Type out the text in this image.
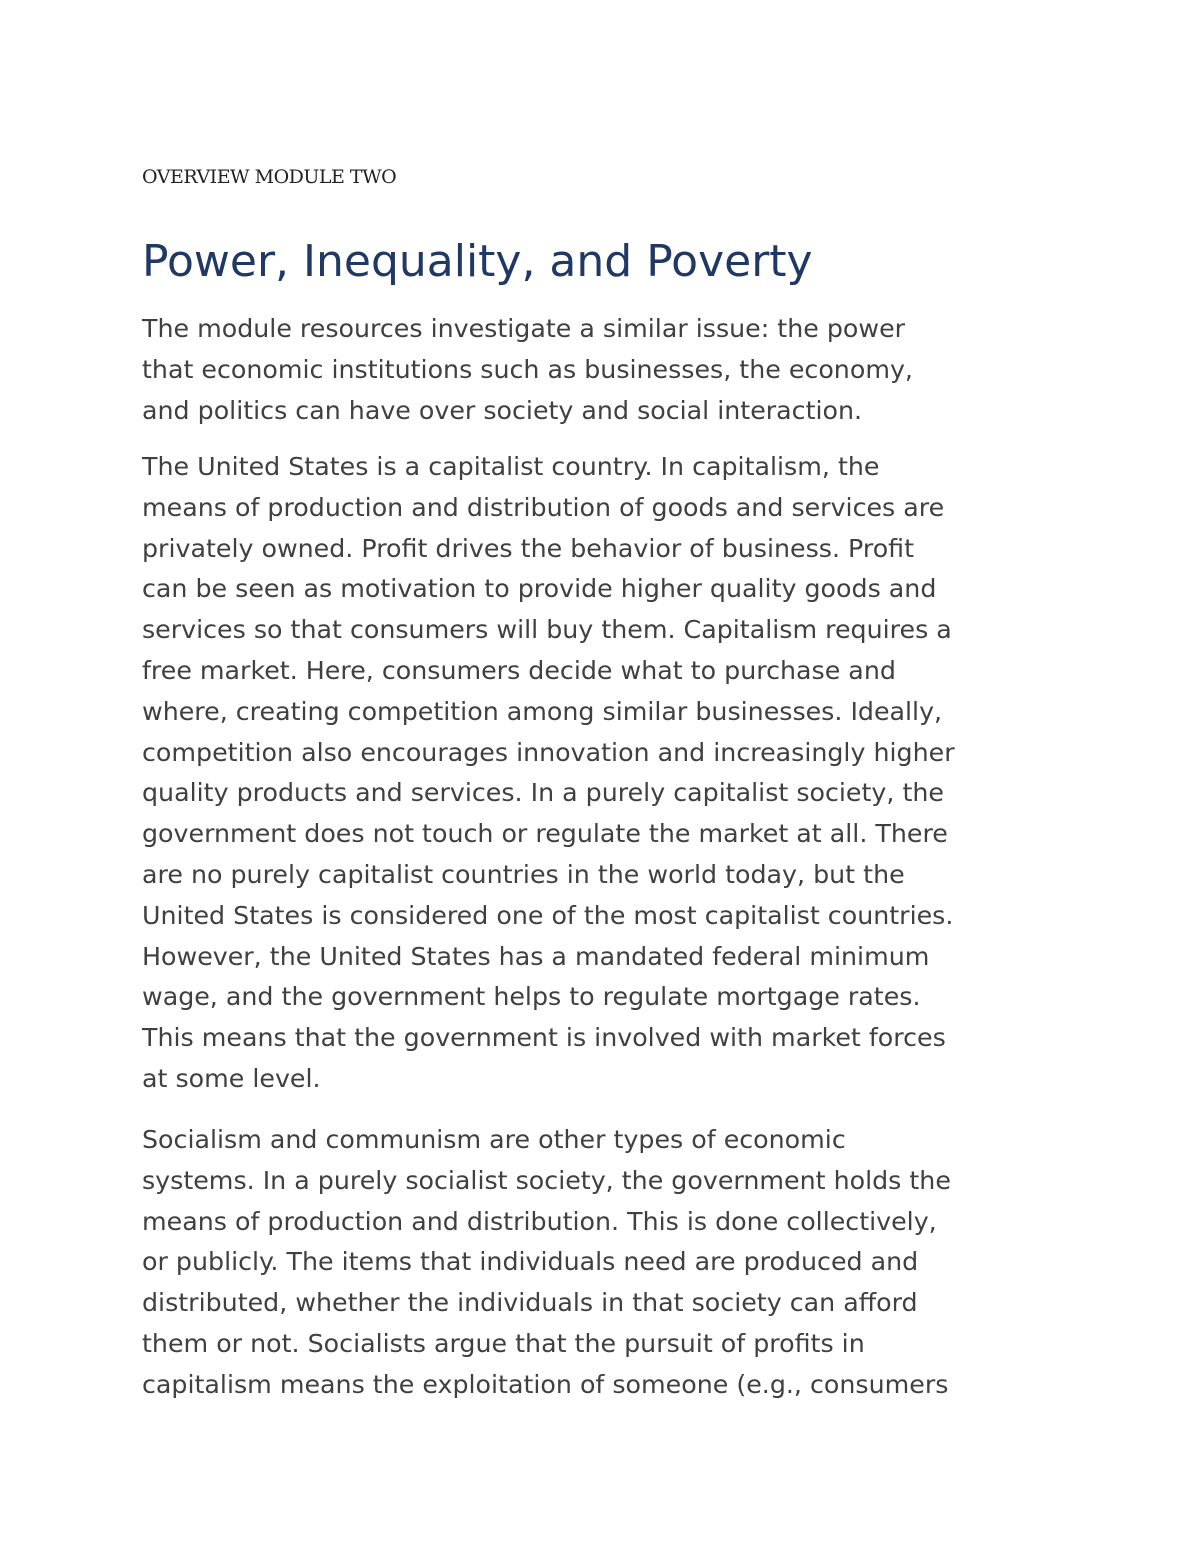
OVERVIEW MODULE TWO
Power, Inequality, and Poverty

The module resources investigate a similar issue: the power
that economic institutions such as businesses, the economy,
and politics can have over society and social interaction.

The United States is a capitalist country. In capitalism, the
means of production and distribution of goods and services are
privately owned. Profit drives the behavior of business. Profit
can be seen as motivation to provide higher quality goods and
services so that consumers will buy them. Capitalism requires a
free market. Here, consumers decide what to purchase and
where, creating competition among similar businesses. Ideally,
competition also encourages innovation and increasingly higher
quality products and services. In a purely capitalist society, the
government does not touch or regulate the market at all. There
are no purely capitalist countries in the world today, but the
United States is considered one of the most capitalist countries.
However, the United States has a mandated federal minimum
wage, and the government helps to regulate mortgage rates.
This means that the government is involved with market forces
at some level.

Socialism and communism are other types of economic
systems. In a purely socialist society, the government holds the
means of production and distribution. This is done collectively,
or publicly. The items that individuals need are produced and
distributed, whether the individuals in that society can afford
them or not. Socialists argue that the pursuit of profits in
capitalism means the exploitation of someone (e.g., consumers
